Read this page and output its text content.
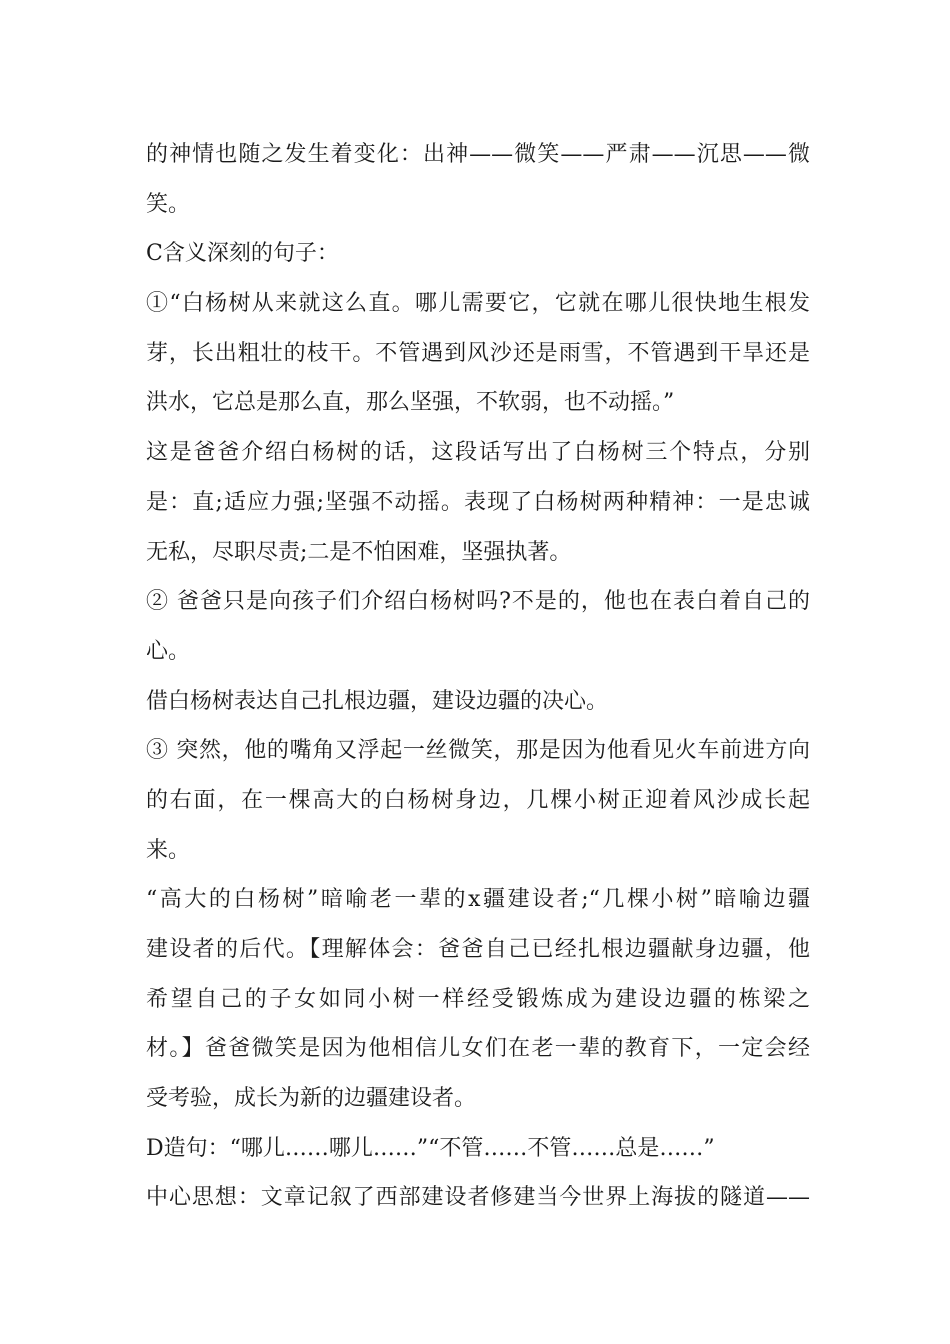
的神情也随之发生着变化：出神——微笑——严肃——沉思——微
笑。
C含义深刻的句子：
①“白杨树从来就这么直。哪儿需要它，它就在哪儿很快地生根发
芽，长出粗壮的枝干。不管遇到风沙还是雨雪，不管遇到干旱还是
洪水，它总是那么直，那么坚强，不软弱，也不动摇。”
这是爸爸介绍白杨树的话，这段话写出了白杨树三个特点，分别
是：直;适应力强;坚强不动摇。表现了白杨树两种精神：一是忠诚
无私，尽职尽责;二是不怕困难，坚强执著。
② 爸爸只是向孩子们介绍白杨树吗?不是的，他也在表白着自己的
心。
借白杨树表达自己扎根边疆，建设边疆的决心。
③ 突然，他的嘴角又浮起一丝微笑，那是因为他看见火车前进方向
的右面，在一棵高大的白杨树身边，几棵小树正迎着风沙成长起
来。
“高大的白杨树”暗喻老一辈的x疆建设者;“几棵小树”暗喻边疆
建设者的后代。【理解体会：爸爸自己已经扎根边疆献身边疆，他
希望自己的子女如同小树一样经受锻炼成为建设边疆的栋梁之
材。】爸爸微笑是因为他相信儿女们在老一辈的教育下，一定会经
受考验，成长为新的边疆建设者。
D造句：“哪儿……哪儿……”“不管……不管……总是……”
中心思想：文章记叙了西部建设者修建当今世界上海拔的隧道——
